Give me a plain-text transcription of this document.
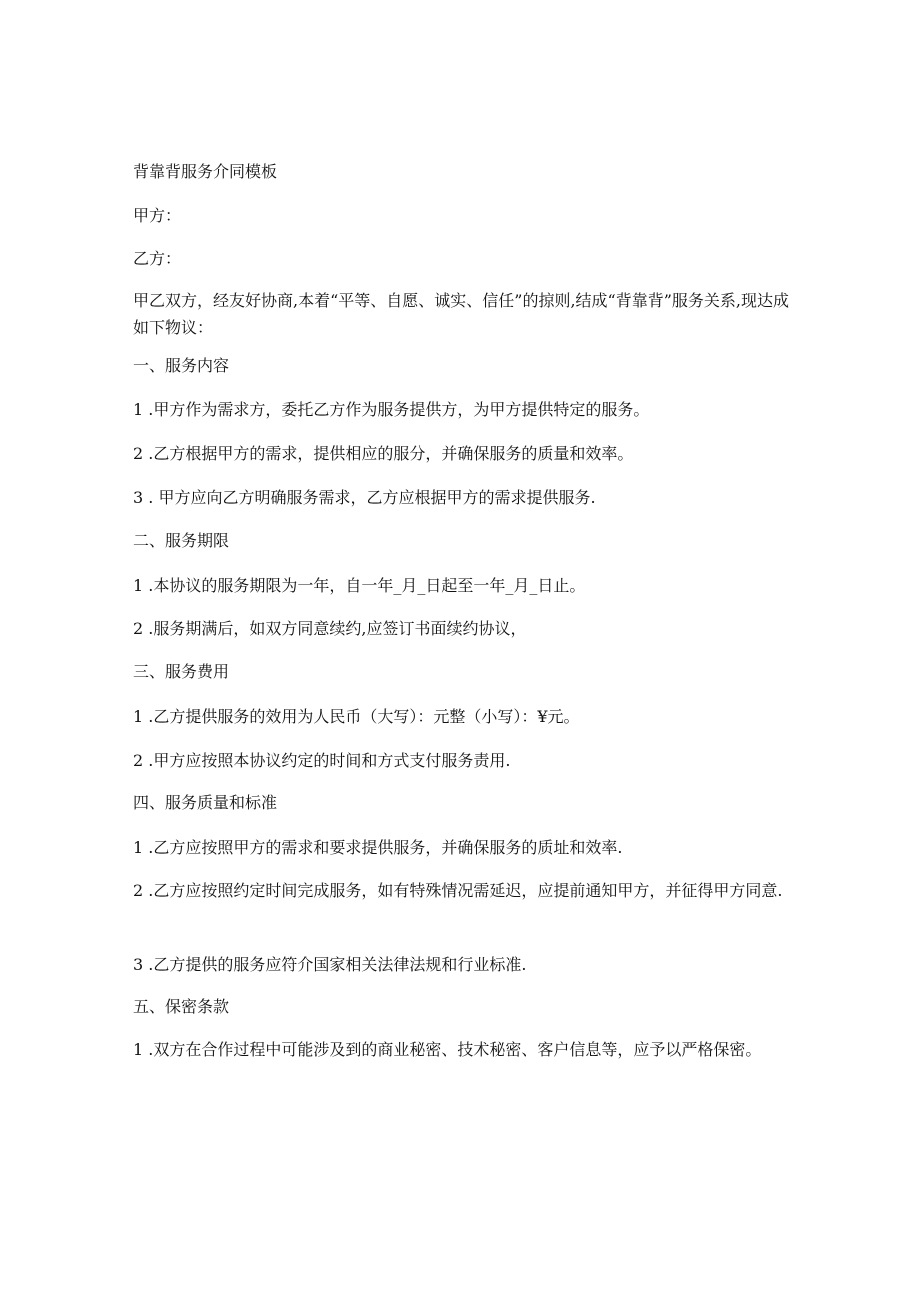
背靠背服务介同模板

甲方：

乙方：

甲乙双方，经友好协商,本着“平等、自愿、诚实、信任”的掠则,结成“背靠背”服务关系,现达成如下物议：

一、服务内容

1 .甲方作为需求方，委托乙方作为服务提供方，为甲方提供特定的服务。

2 .乙方根据甲方的需求，提供相应的服分，并确保服务的质量和效率。

3 . 甲方应向乙方明确服务需求，乙方应根据甲方的需求提供服务.

二、服务期限

1 .本协议的服务期限为一年，自一年_月_日起至一年_月_日止。

2 .服务期满后，如双方同意续约,应签订书面续约协议，

三、服务费用

1 .乙方提供服务的效用为人民币（大写）：元整（小写）：¥元。

2 .甲方应按照本协议约定的时间和方式支付服务责用.

四、服务质量和标准

1 .乙方应按照甲方的需求和要求提供服务，并确保服务的质址和效率.

2 .乙方应按照约定时间完成服务，如有特殊情况需延迟，应提前通知甲方，并征得甲方同意.

3 .乙方提供的服务应符介国家相关法律法规和行业标准.

五、保密条款

1 .双方在合作过程中可能涉及到的商业秘密、技术秘密、客户信息等，应予以严格保密。
